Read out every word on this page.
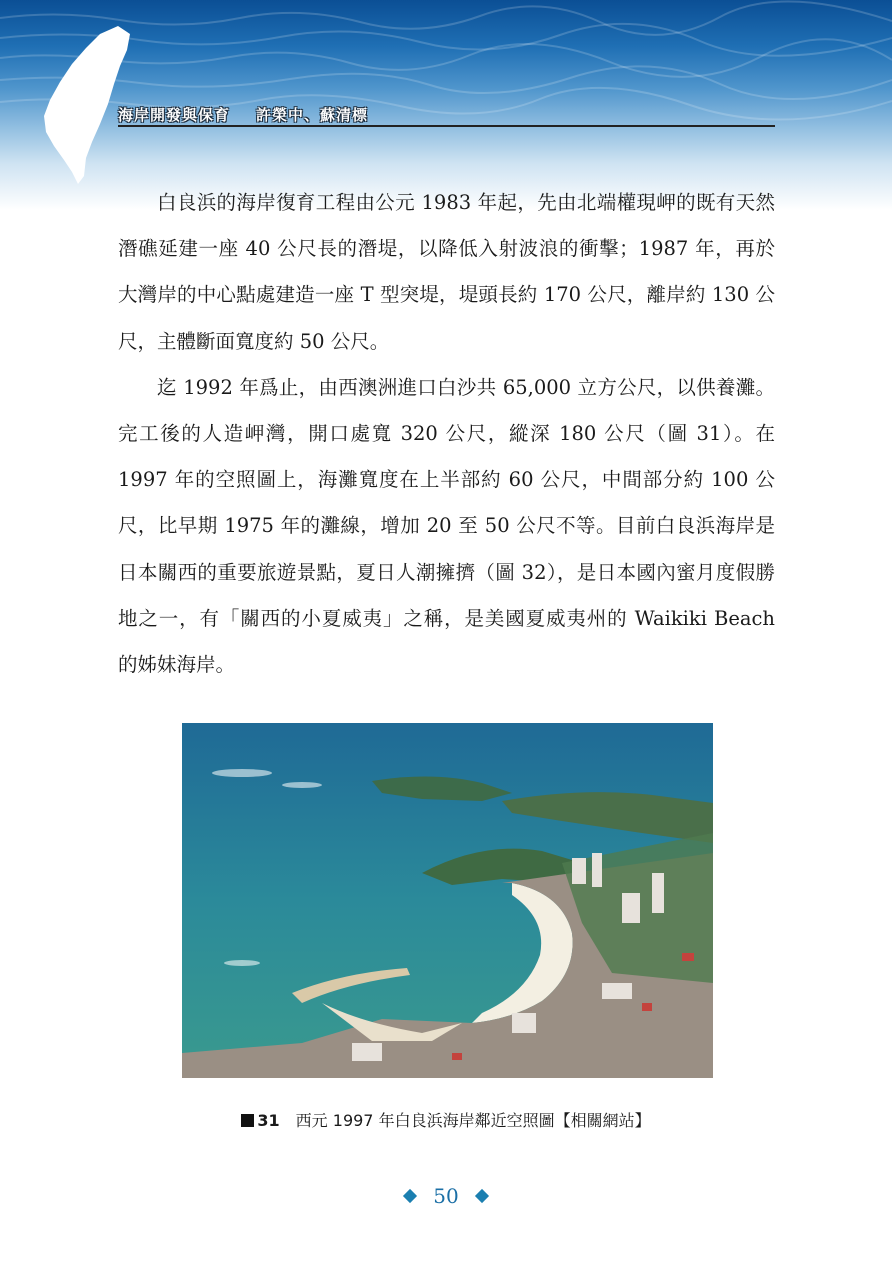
海岸開發與保育 許榮中、蘇清標

白良浜的海岸復育工程由公元 1983 年起，先由北端權現岬的既有天然潛礁延建一座 40 公尺長的潛堤，以降低入射波浪的衝擊；1987 年，再於大灣岸的中心點處建造一座 T 型突堤，堤頭長約 170 公尺，離岸約 130 公尺，主體斷面寬度約 50 公尺。

迄 1992 年爲止，由西澳洲進口白沙共 65,000 立方公尺，以供養灘。完工後的人造岬灣，開口處寬 320 公尺，縱深 180 公尺（圖 31）。在 1997 年的空照圖上，海灘寬度在上半部約 60 公尺，中間部分約 100 公尺，比早期 1975 年的灘線，增加 20 至 50 公尺不等。目前白良浜海岸是日本關西的重要旅遊景點，夏日人潮擁擠（圖 32），是日本國內蜜月度假勝地之一，有「關西的小夏威夷」之稱，是美國夏威夷州的 Waikiki Beach 的姊妹海岸。

31 西元 1997 年白良浜海岸鄰近空照圖【相關網站】
50
